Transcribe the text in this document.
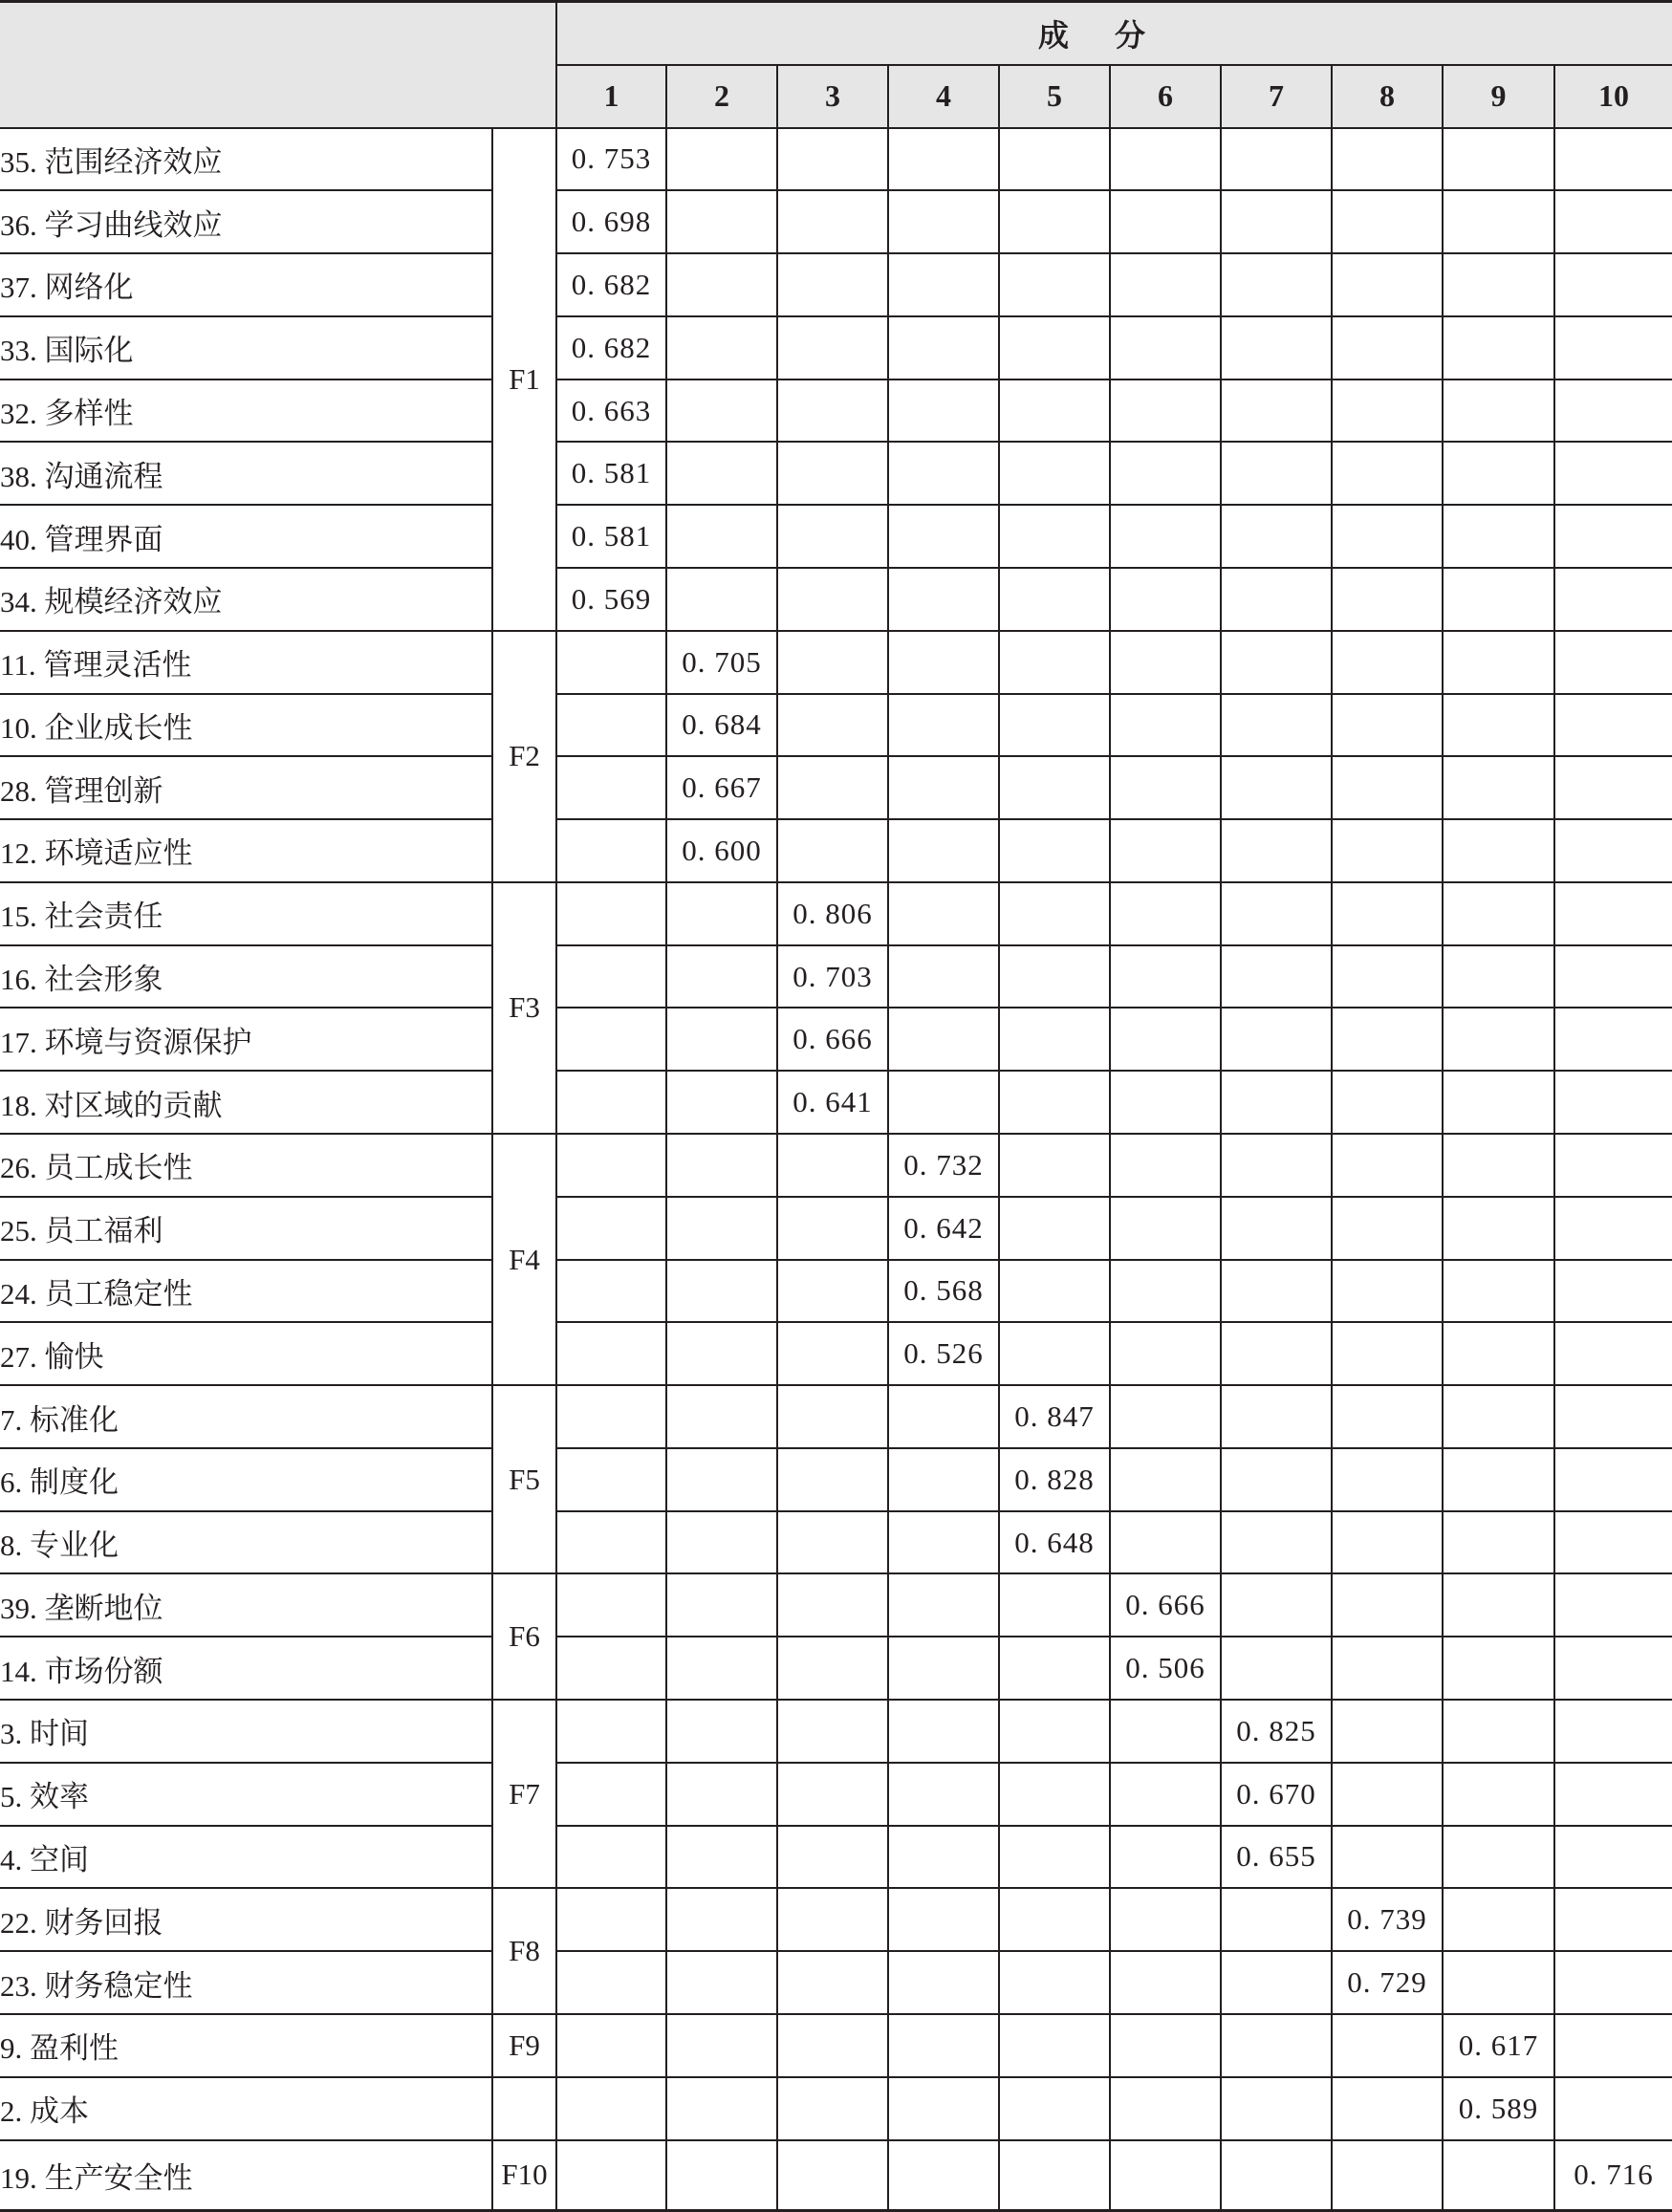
		成分									
		1	2	3	4	5	6	7	8	9	10
35. 范围经济效应	F1	0. 753									
36. 学习曲线效应		0. 698									
37. 网络化		0. 682									
33. 国际化		0. 682									
32. 多样性		0. 663									
38. 沟通流程		0. 581									
40. 管理界面		0. 581									
34. 规模经济效应		0. 569									
11. 管理灵活性	F2		0. 705								
10. 企业成长性			0. 684								
28. 管理创新			0. 667								
12. 环境适应性			0. 600								
15. 社会责任	F3			0. 806							
16. 社会形象				0. 703							
17. 环境与资源保护				0. 666							
18. 对区域的贡献				0. 641							
26. 员工成长性	F4				0. 732						
25. 员工福利					0. 642						
24. 员工稳定性					0. 568						
27. 愉快					0. 526						
7. 标准化	F5					0. 847					
6. 制度化						0. 828					
8. 专业化						0. 648					
39. 垄断地位	F6						0. 666				
14. 市场份额							0. 506				
3. 时间	F7							0. 825			
5. 效率								0. 670			
4. 空间								0. 655			
22. 财务回报	F8								0. 739		
23. 财务稳定性									0. 729		
9. 盈利性	F9									0. 617	
2. 成本										0. 589	
19. 生产安全性	F10										0. 716
